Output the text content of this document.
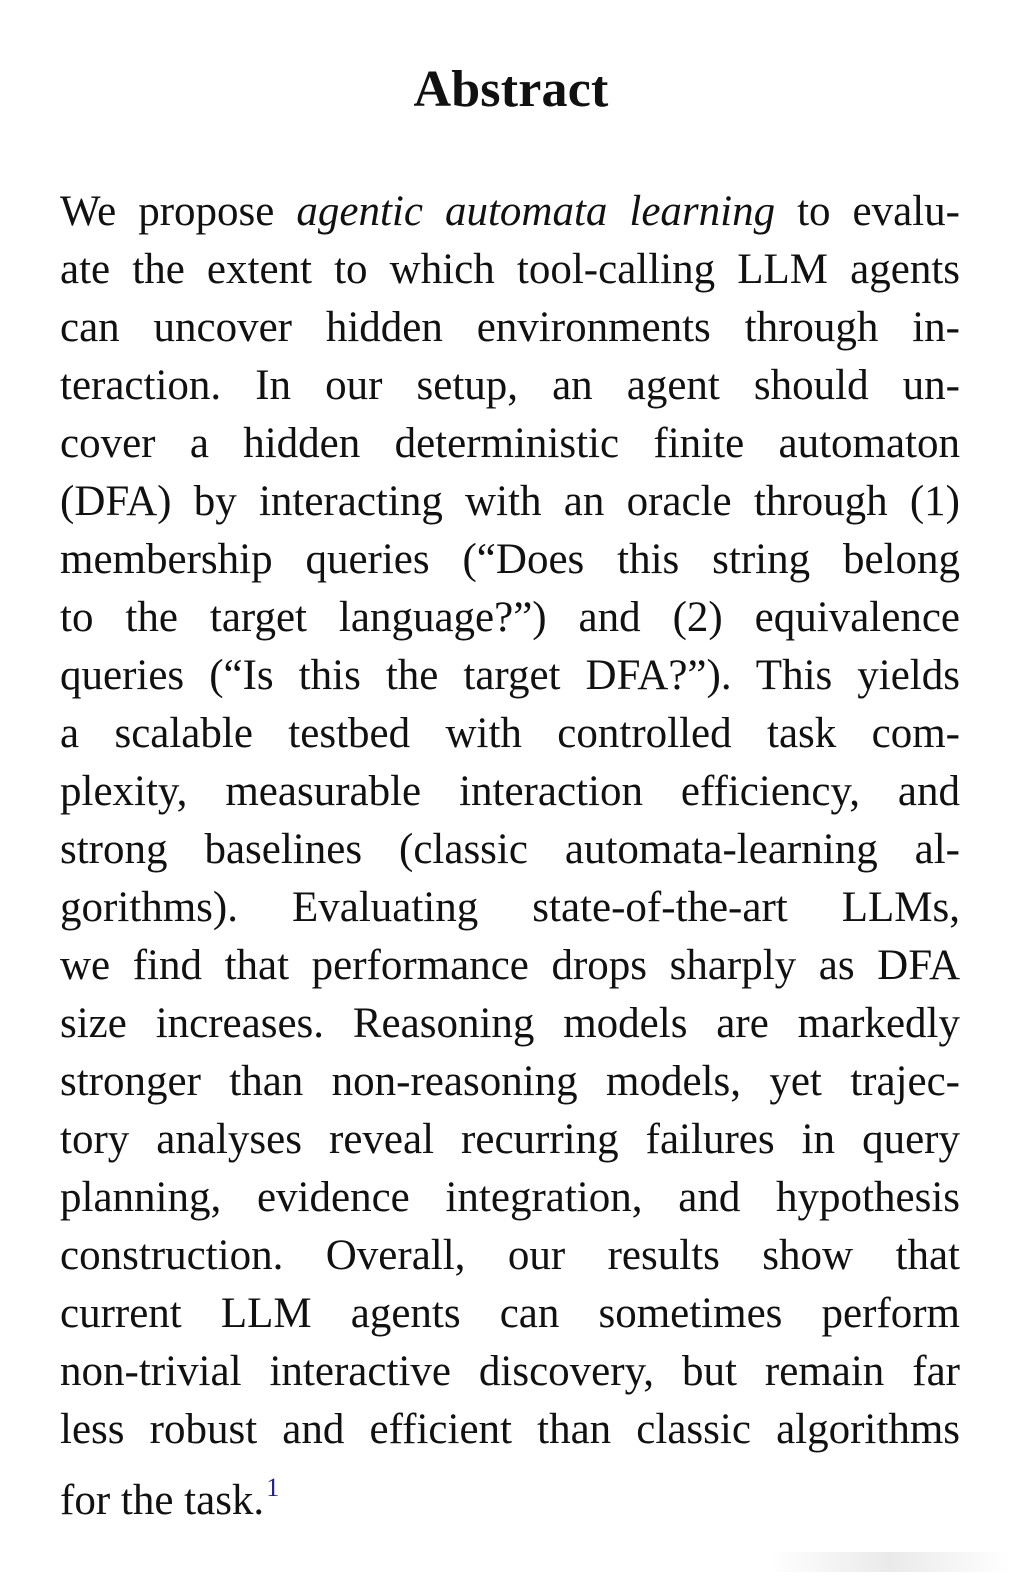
Abstract
We propose agentic automata learning to evalu-
ate the extent to which tool-calling LLM agents
can uncover hidden environments through in-
teraction. In our setup, an agent should un-
cover a hidden deterministic finite automaton
(DFA) by interacting with an oracle through (1)
membership queries (“Does this string belong
to the target language?”) and (2) equivalence
queries (“Is this the target DFA?”). This yields
a scalable testbed with controlled task com-
plexity, measurable interaction efficiency, and
strong baselines (classic automata-learning al-
gorithms). Evaluating state-of-the-art LLMs,
we find that performance drops sharply as DFA
size increases. Reasoning models are markedly
stronger than non-reasoning models, yet trajec-
tory analyses reveal recurring failures in query
planning, evidence integration, and hypothesis
construction. Overall, our results show that
current LLM agents can sometimes perform
non-trivial interactive discovery, but remain far
less robust and efficient than classic algorithms
for the task.$^1$
